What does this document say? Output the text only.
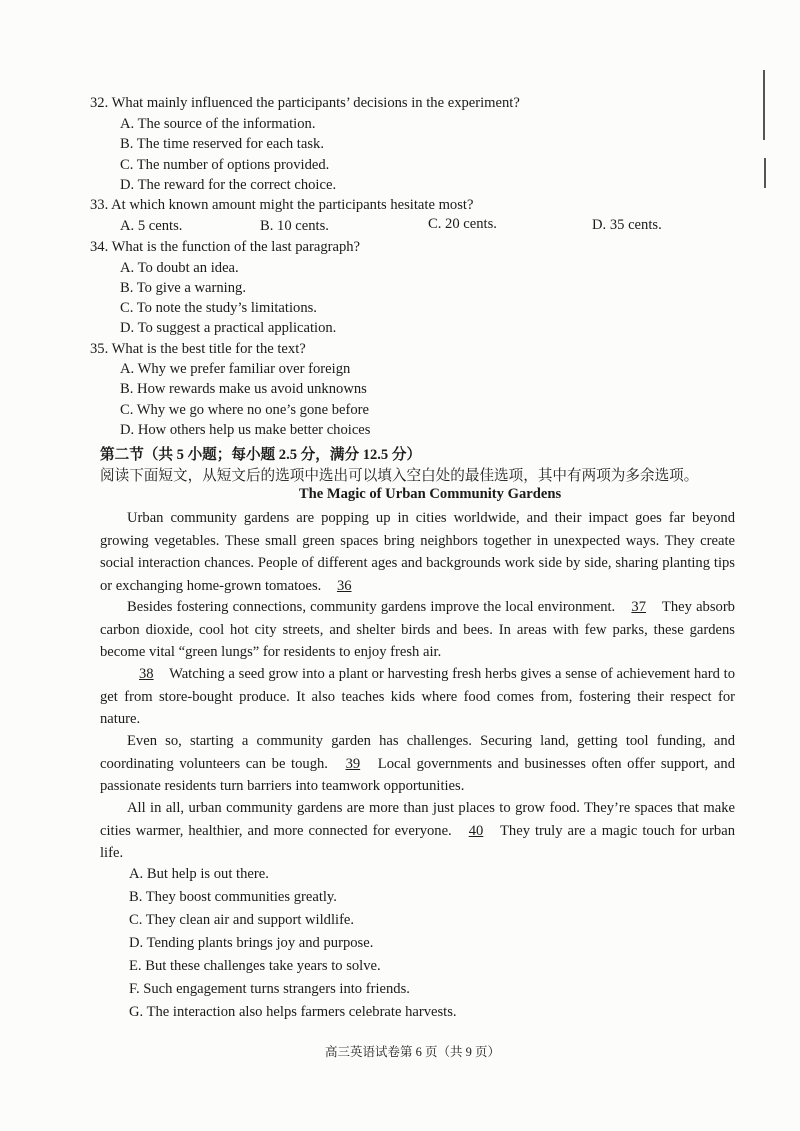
32. What mainly influenced the participants’ decisions in the experiment?
A. The source of the information.
B. The time reserved for each task.
C. The number of options provided.
D. The reward for the correct choice.
33. At which known amount might the participants hesitate most?
A. 5 cents.	B. 10 cents.	C. 20 cents.	D. 35 cents.
34. What is the function of the last paragraph?
A. To doubt an idea.
B. To give a warning.
C. To note the study’s limitations.
D. To suggest a practical application.
35. What is the best title for the text?
A. Why we prefer familiar over foreign
B. How rewards make us avoid unknowns
C. Why we go where no one’s gone before
D. How others help us make better choices
第二节（共 5 小题；每小题 2.5 分，满分 12.5 分）
阅读下面短文，从短文后的选项中选出可以填入空白处的最佳选项，其中有两项为多余选项。
The Magic of Urban Community Gardens
Urban community gardens are popping up in cities worldwide, and their impact goes far beyond growing vegetables. These small green spaces bring neighbors together in unexpected ways. They create social interaction chances. People of different ages and backgrounds work side by side, sharing planting tips or exchanging home-grown tomatoes. 36
Besides fostering connections, community gardens improve the local environment. 37 They absorb carbon dioxide, cool hot city streets, and shelter birds and bees. In areas with few parks, these gardens become vital “green lungs” for residents to enjoy fresh air.
38 Watching a seed grow into a plant or harvesting fresh herbs gives a sense of achievement hard to get from store-bought produce. It also teaches kids where food comes from, fostering their respect for nature.
Even so, starting a community garden has challenges. Securing land, getting tool funding, and coordinating volunteers can be tough. 39 Local governments and businesses often offer support, and passionate residents turn barriers into teamwork opportunities.
All in all, urban community gardens are more than just places to grow food. They’re spaces that make cities warmer, healthier, and more connected for everyone. 40 They truly are a magic touch for urban life.
A. But help is out there.
B. They boost communities greatly.
C. They clean air and support wildlife.
D. Tending plants brings joy and purpose.
E. But these challenges take years to solve.
F. Such engagement turns strangers into friends.
G. The interaction also helps farmers celebrate harvests.
高三英语试卷第 6 页（共 9 页）
